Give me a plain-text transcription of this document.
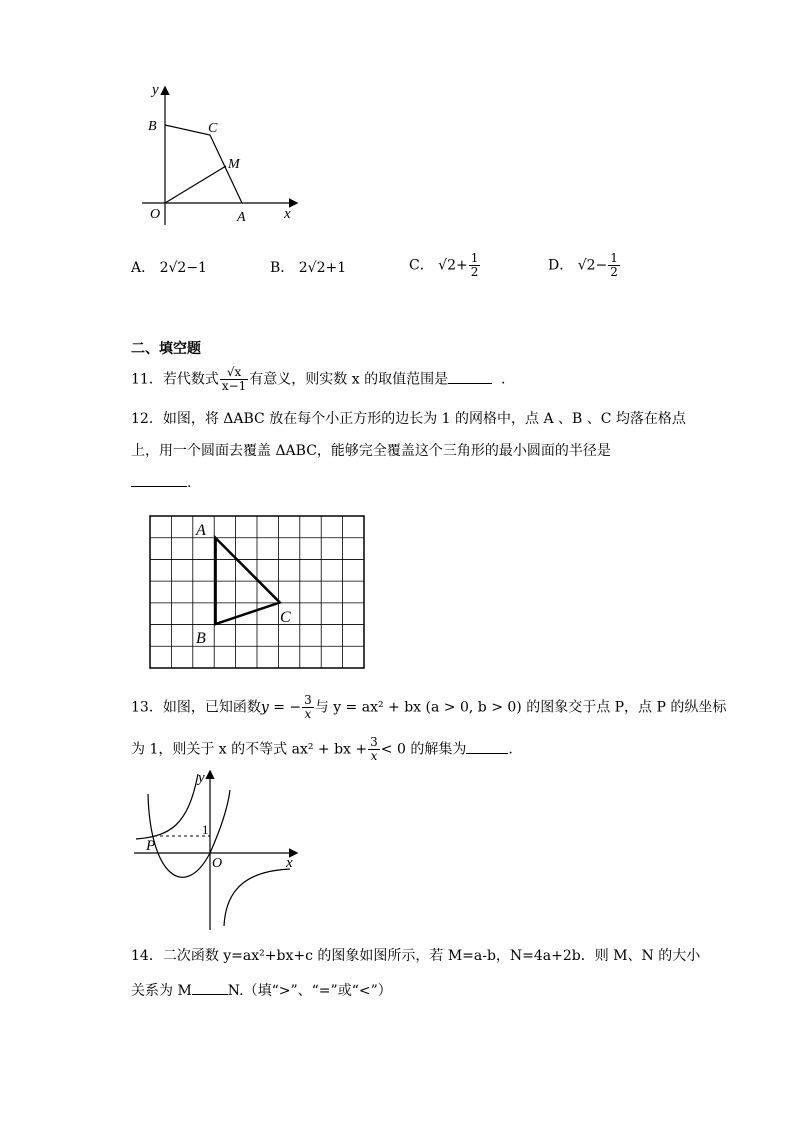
y
B	C
M
O	A	x
A． 2√2−1	B． 2√2+1	C． $√2+ \frac{1}{2}$	D． $√2- \frac{1}{2}$
二、填空题
11．若代数式 $\frac{√x}{x-1}$ 有意义，则实数 x 的取值范围是	.
12．如图，将 ΔABC 放在每个小正方形的边长为 1 的网格中，点 A 、B 、C 均落在格点
上，用一个圆面去覆盖 ΔABC，能够完全覆盖这个三角形的最小圆面的半径是
.
A
B
C
13．如图，已知函数y = − $\frac{3}{x}$ 与 y = ax² + bx (a > 0, b > 0) 的图象交于点 P，点 P 的纵坐标
为 1，则关于 x 的不等式 ax² + bx + $\frac{3}{x} < 0$ 的解集为	.
y
1
P
O	x
14．二次函数 y=ax²+bx+c 的图象如图所示，若 M=a-b，N=4a+2b．则 M、N 的大小
关系为 M	N.（填“>”、“=”或“<”）
